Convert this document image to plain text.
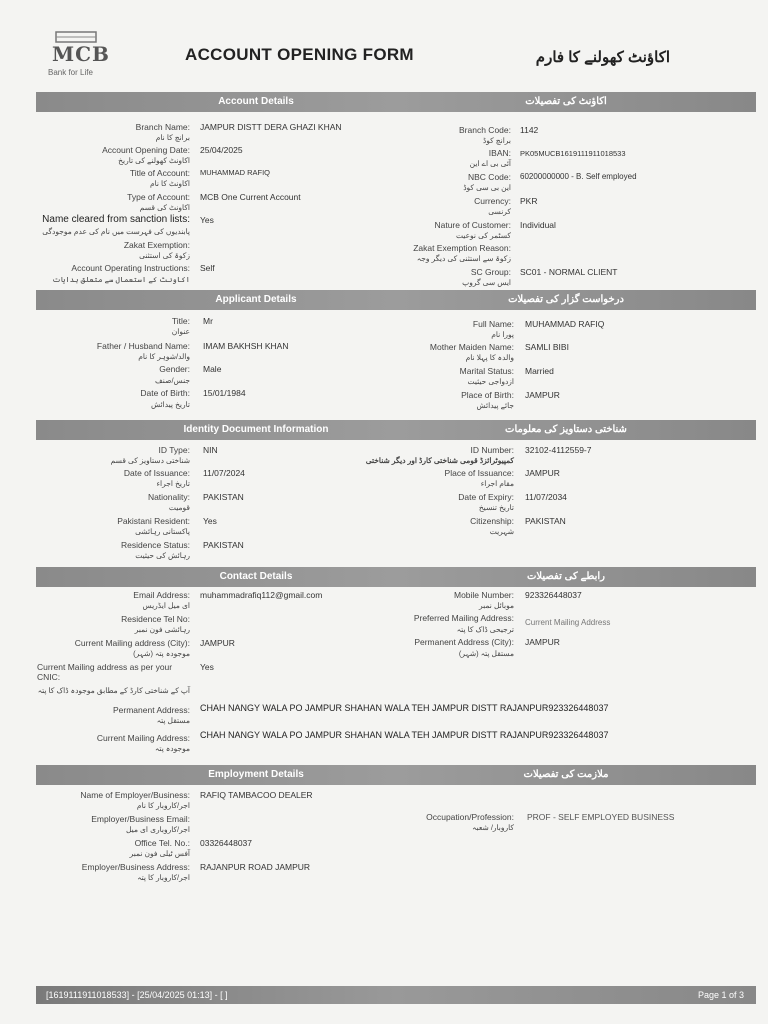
MCB
Bank for Life
ACCOUNT OPENING FORM	اکاؤنٹ کھولنے کا فارم
Account Details	اکاؤنٹ کی تفصیلات
Branch Name:
برانچ کا نام
JAMPUR DISTT DERA GHAZI KHAN
Account Opening Date:
اکاونٹ کھولنے کی تاریخ
25/04/2025
Title of Account:
اکاونٹ کا نام
MUHAMMAD RAFIQ
Type of Account:
اکاونٹ کی قسم
MCB One Current Account
Name cleared from sanction lists:
پابندیوں کی فہرست میں نام کی عدم موجودگی
Yes
Zakat Exemption:
زکوۃ کی استثنی
Account Operating Instructions:
اکاونٹ کے استعمال سے متعلق ہدایات
Self
Branch Code:
برانچ کوڈ
1142
IBAN:
آئی بی اے این
PK05MUCB1619111911018533
NBC Code:
این بی سی کوڈ
60200000000 - B. Self employed
Currency:
کرنسی
PKR
Nature of Customer:
کسٹمر کی نوعیت
Individual
Zakat Exemption Reason:
زکوۃ سے استثنی کی دیگر وجہ
SC Group:
ایس سی گروپ
SC01 - NORMAL CLIENT
Applicant Details	درخواست گزار کی تفصیلات
Title:
عنوان
Mr
Father / Husband Name:
والد/شوہر کا نام
IMAM BAKHSH KHAN
Gender:
جنس/صنف
Male
Date of Birth:
تاریخ پیدائش
15/01/1984
Full Name:
پورا نام
MUHAMMAD RAFIQ
Mother Maiden Name:
والدہ کا پہلا نام
SAMLI BIBI
Marital Status:
ازدواجی حیثیت
Married
Place of Birth:
جائے پیدائش
JAMPUR
Identity Document Information	شناختی دستاویز کی معلومات
ID Type:
شناختی دستاویز کی قسم
NIN
Date of Issuance:
تاریخ اجراء
11/07/2024
Nationality:
قومیت
PAKISTAN
Pakistani Resident:
پاکستانی رہائشی
Yes
Residence Status:
رہائش کی حیثیت
PAKISTAN
ID Number:
کمپیوٹرائزڈ قومی شناختی کارڈ اور دیگر شناختی
32102-4112559-7
Place of Issuance:
مقام اجراء
JAMPUR
Date of Expiry:
تاریخ تنسیخ
11/07/2034
Citizenship:
شہریت
PAKISTAN
Contact Details	رابطے کی تفصیلات
Email Address:
ای میل ایڈریس
muhammadrafiq112@gmail.com
Residence Tel No:
رہائشی فون نمبر
Current Mailing address (City):
موجودہ پتہ (شہر)
JAMPUR
Current Mailing address as per your CNIC:
آپ کے شناختی کارڈ کے مطابق موجودہ ڈاک کا پتہ
Yes
Permanent Address:
مستقل پتہ
CHAH NANGY WALA PO JAMPUR SHAHAN WALA TEH JAMPUR DISTT RAJANPUR923326448037
Current Mailing Address:
موجودہ پتہ
CHAH NANGY WALA PO JAMPUR SHAHAN WALA TEH JAMPUR DISTT RAJANPUR923326448037
Mobile Number:
موبائل نمبر
923326448037
Preferred Mailing Address:
ترجیحی ڈاک کا پتہ
Current Mailing Address
Permanent Address (City):
مستقل پتہ (شہر)
JAMPUR
Employment Details	ملازمت کی تفصیلات
Name of Employer/Business:
اجر/کاروبار کا نام
RAFIQ TAMBACOO DEALER
Employer/Business Email:
اجر/کاروباری ای میل
Office Tel. No.:
آفس ٹیلی فون نمبر
03326448037
Employer/Business Address:
اجر/کاروبار کا پتہ
RAJANPUR ROAD JAMPUR
Occupation/Profession:
کاروبار/ شعبہ
PROF - SELF EMPLOYED BUSINESS
[1619111911018533] - [25/04/2025 01:13] - [ ]	Page 1 of 3
